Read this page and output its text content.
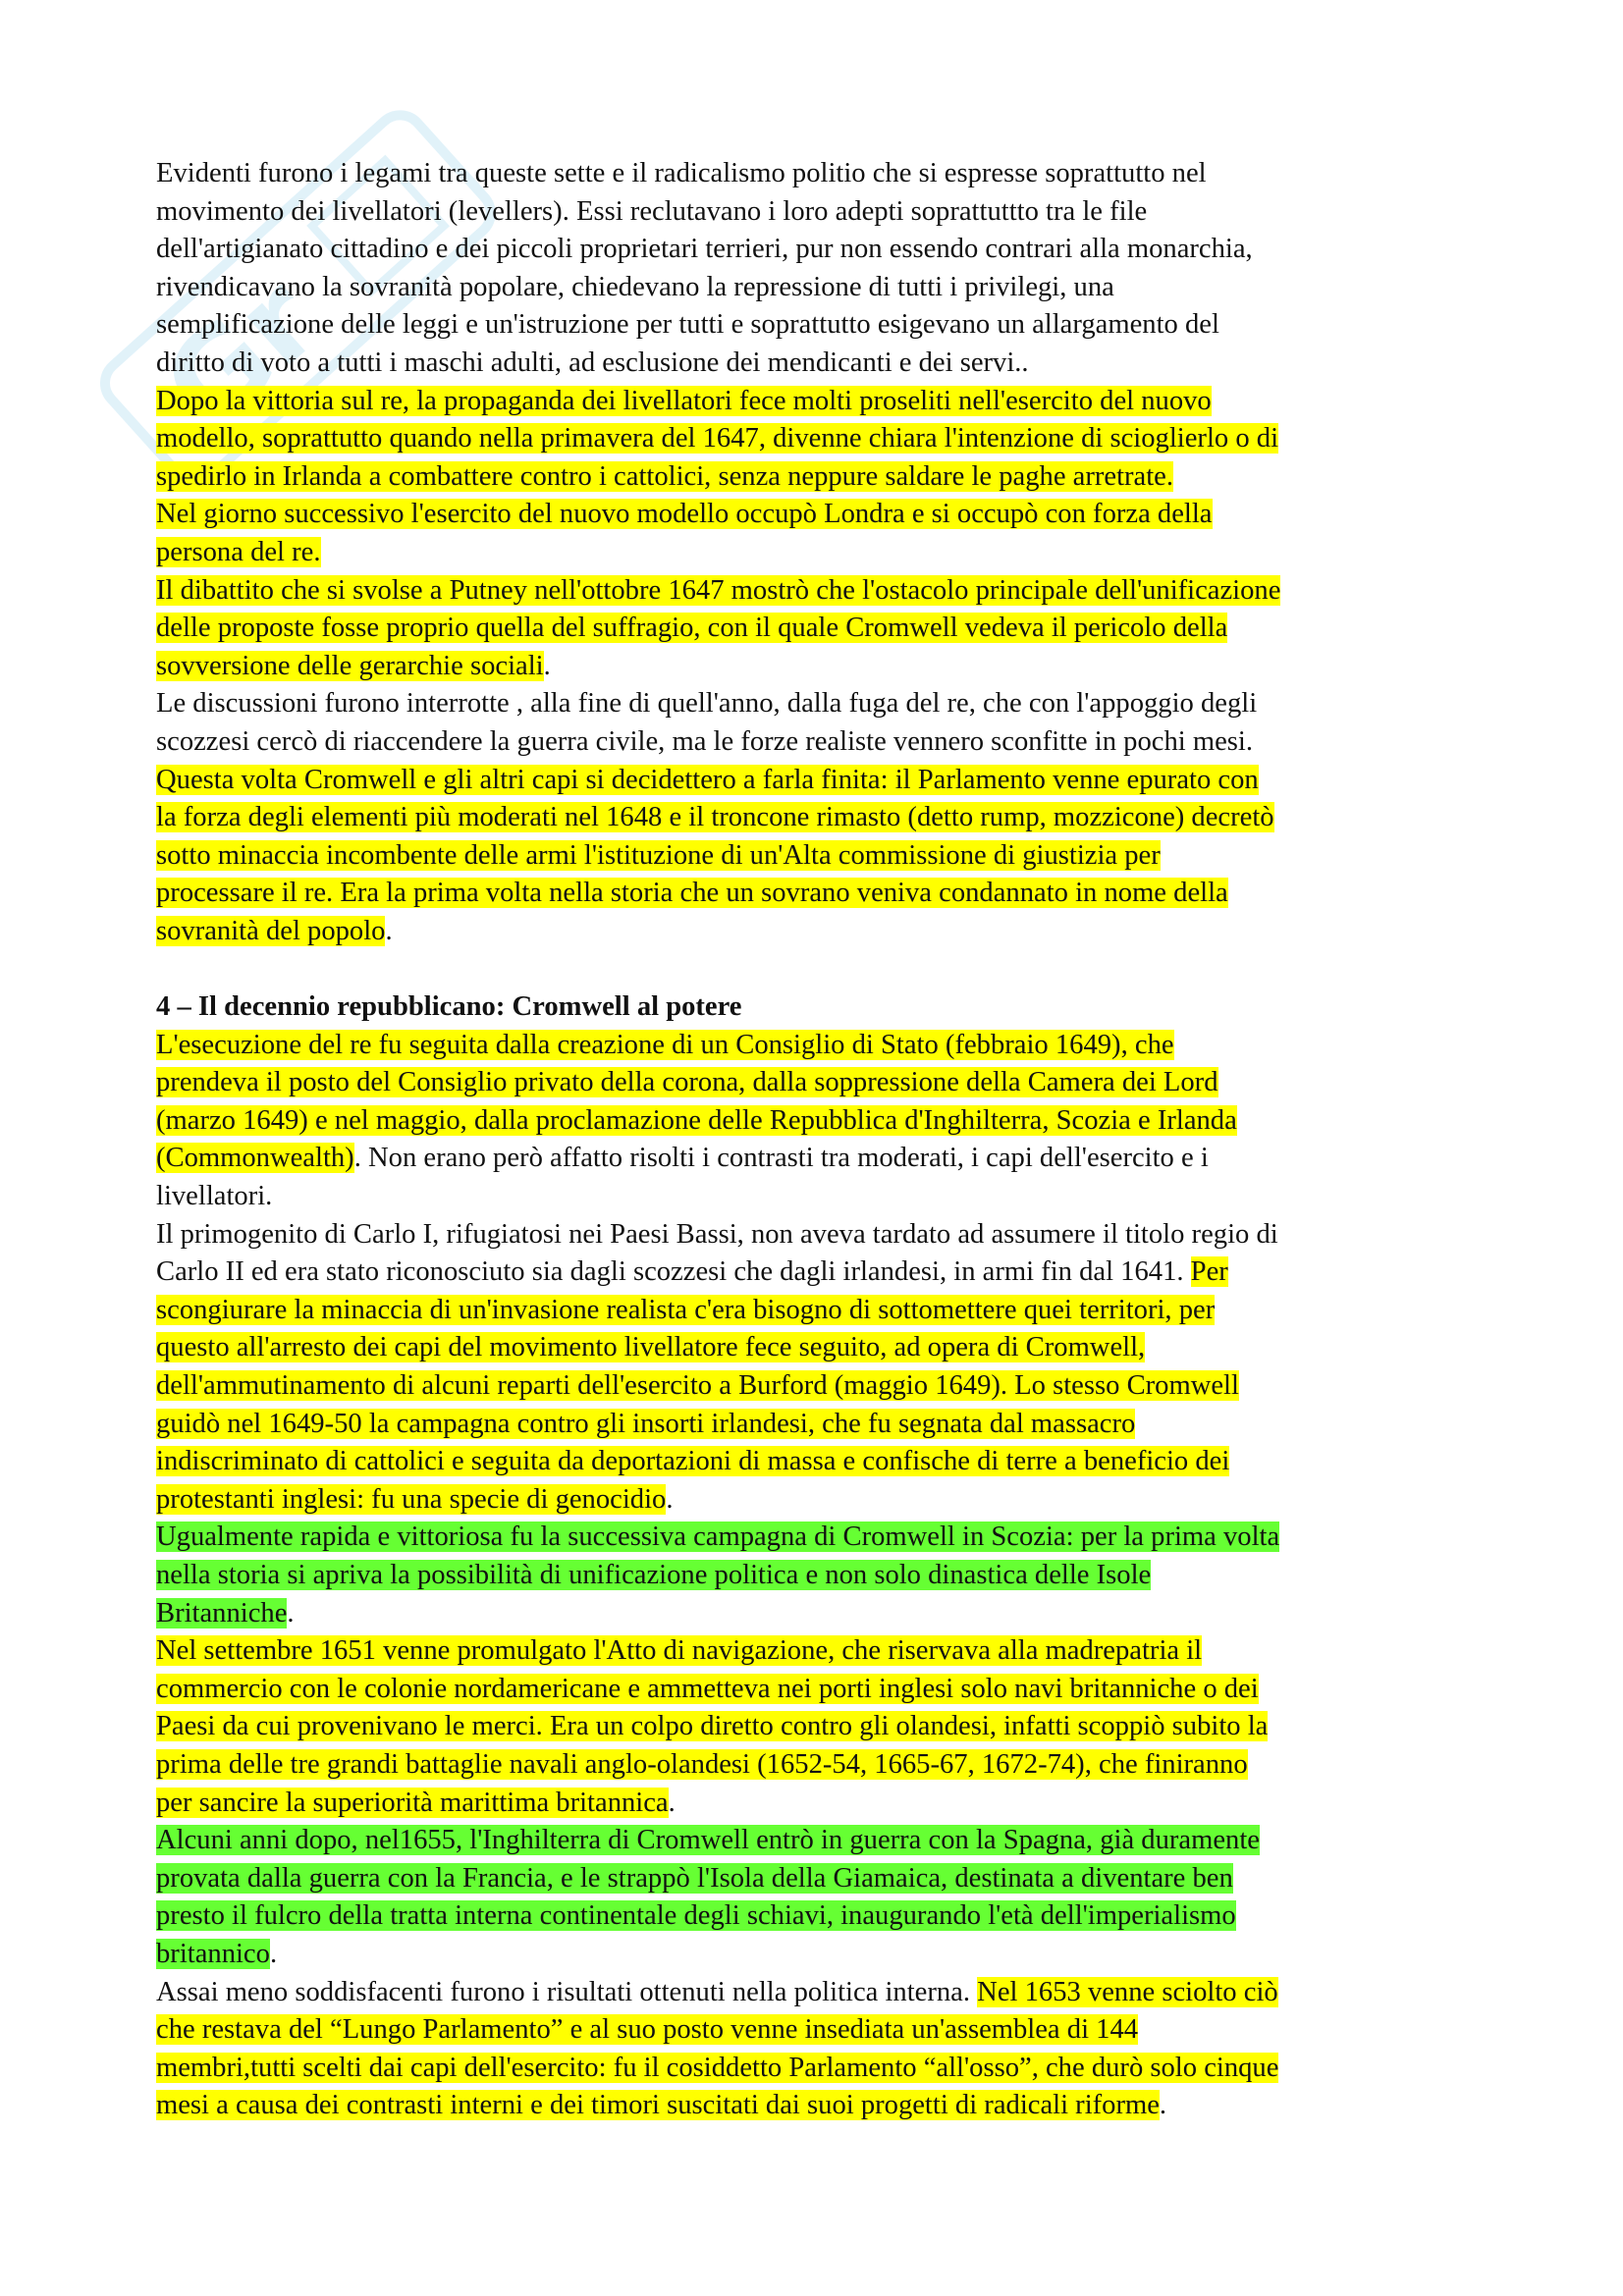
Gr
Evidenti furono i legami tra queste sette e il radicalismo politio che si espresse soprattutto nel
movimento dei livellatori (levellers). Essi reclutavano i loro adepti soprattuttto tra le file
dell'artigianato cittadino e dei piccoli proprietari terrieri, pur non essendo contrari alla monarchia,
rivendicavano la sovranità popolare, chiedevano la repressione di tutti i privilegi, una
semplificazione delle leggi e un'istruzione per tutti e soprattutto esigevano un allargamento del
diritto di voto a tutti i maschi adulti, ad esclusione dei mendicanti e dei servi..
Dopo la vittoria sul re, la propaganda dei livellatori fece molti proseliti nell'esercito del nuovo
modello, soprattutto quando nella primavera del 1647, divenne chiara l'intenzione di scioglierlo o di
spedirlo in Irlanda a combattere contro i cattolici, senza neppure saldare le paghe arretrate.
Nel giorno successivo l'esercito del nuovo modello occupò Londra e si occupò con forza della
persona del re.
Il dibattito che si svolse a Putney nell'ottobre 1647 mostrò che l'ostacolo principale dell'unificazione
delle proposte fosse proprio quella del suffragio, con il quale Cromwell vedeva il pericolo della
sovversione delle gerarchie sociali.
Le discussioni furono interrotte , alla fine di quell'anno, dalla fuga del re, che con l'appoggio degli
scozzesi cercò di riaccendere la guerra civile, ma le forze realiste vennero sconfitte in pochi mesi.
Questa volta Cromwell e gli altri capi si decidettero a farla finita: il Parlamento venne epurato con
la forza degli elementi più moderati nel 1648 e il troncone rimasto (detto rump, mozzicone) decretò
sotto minaccia incombente delle armi l'istituzione di un'Alta commissione di giustizia per
processare il re. Era la prima volta nella storia che un sovrano veniva condannato in nome della
sovranità del popolo.
4 – Il decennio repubblicano: Cromwell al potere
L'esecuzione del re fu seguita dalla creazione di un Consiglio di Stato (febbraio 1649), che
prendeva il posto del Consiglio privato della corona, dalla soppressione della Camera dei Lord
(marzo 1649) e nel maggio, dalla proclamazione delle Repubblica d'Inghilterra, Scozia e Irlanda
(Commonwealth). Non erano però affatto risolti i contrasti tra moderati, i capi dell'esercito e i
livellatori.
Il primogenito di Carlo I, rifugiatosi nei Paesi Bassi, non aveva tardato ad assumere il titolo regio di
Carlo II ed era stato riconosciuto sia dagli scozzesi che dagli irlandesi, in armi fin dal 1641. Per
scongiurare la minaccia di un'invasione realista c'era bisogno di sottomettere quei territori, per
questo all'arresto dei capi del movimento livellatore fece seguito, ad opera di Cromwell,
dell'ammutinamento di alcuni reparti dell'esercito a Burford (maggio 1649). Lo stesso Cromwell
guidò nel 1649-50 la campagna contro gli insorti irlandesi, che fu segnata dal massacro
indiscriminato di cattolici e seguita da deportazioni di massa e confische di terre a beneficio dei
protestanti inglesi: fu una specie di genocidio.
Ugualmente rapida e vittoriosa fu la successiva campagna di Cromwell in Scozia: per la prima volta
nella storia si apriva la possibilità di unificazione politica e non solo dinastica delle Isole
Britanniche.
Nel settembre 1651 venne promulgato l'Atto di navigazione, che riservava alla madrepatria il
commercio con le colonie nordamericane e ammetteva nei porti inglesi solo navi britanniche o dei
Paesi da cui provenivano le merci. Era un colpo diretto contro gli olandesi, infatti scoppiò subito la
prima delle tre grandi battaglie navali anglo-olandesi (1652-54, 1665-67, 1672-74), che finiranno
per sancire la superiorità marittima britannica.
Alcuni anni dopo, nel1655, l'Inghilterra di Cromwell entrò in guerra con la Spagna, già duramente
provata dalla guerra con la Francia, e le strappò l'Isola della Giamaica, destinata a diventare ben
presto il fulcro della tratta interna continentale degli schiavi, inaugurando l'età dell'imperialismo
britannico.
Assai meno soddisfacenti furono i risultati ottenuti nella politica interna. Nel 1653 venne sciolto ciò
che restava del “Lungo Parlamento” e al suo posto venne insediata un'assemblea di 144
membri,tutti scelti dai capi dell'esercito: fu il cosiddetto Parlamento “all'osso”, che durò solo cinque
mesi a causa dei contrasti interni e dei timori suscitati dai suoi progetti di radicali riforme.
